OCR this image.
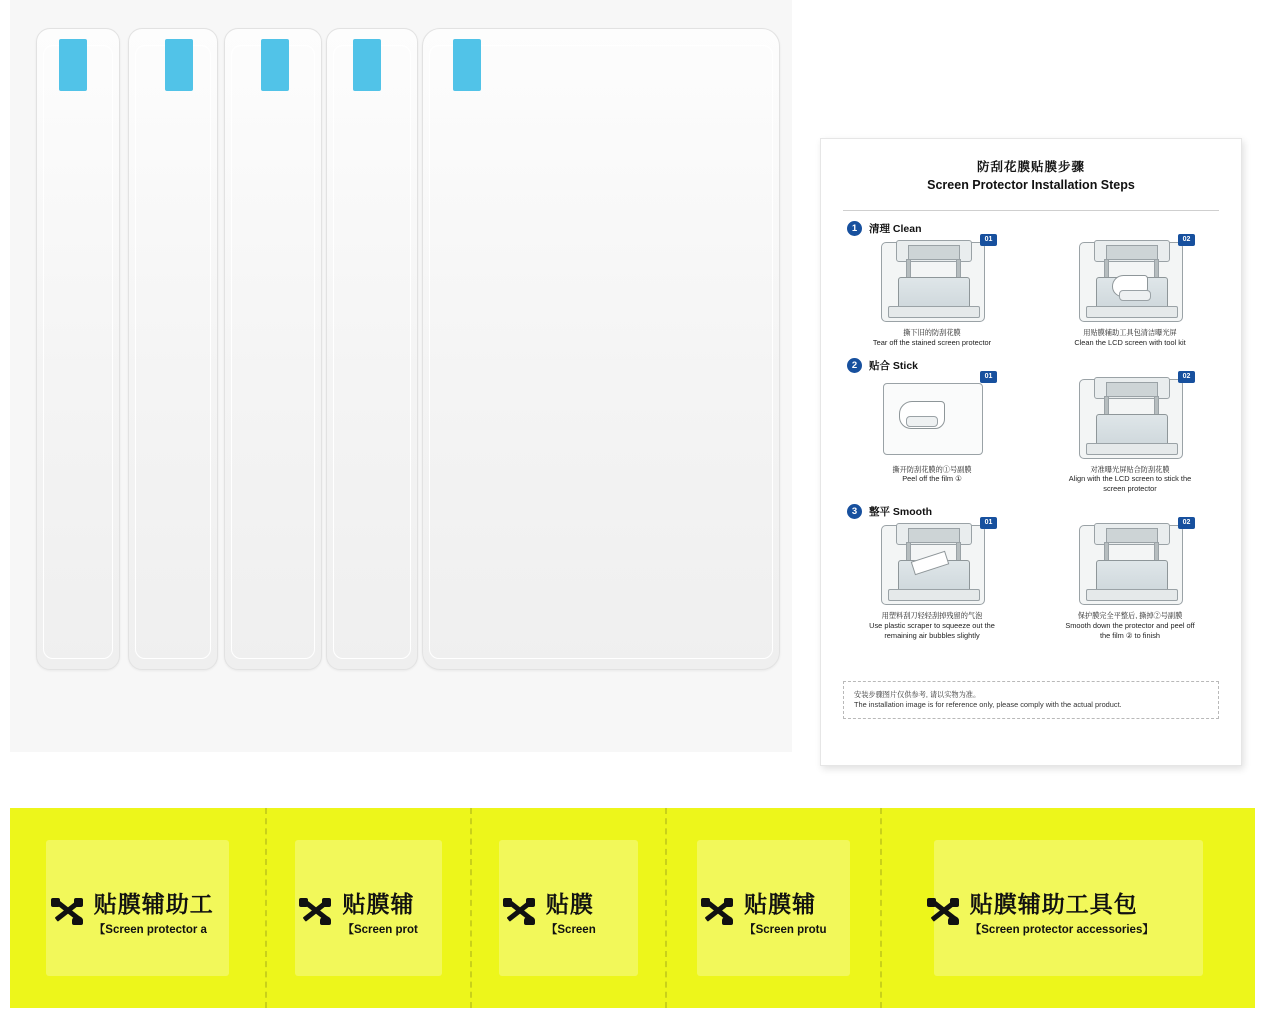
防刮花膜贴膜步骤
Screen Protector Installation Steps
1	清理 Clean
01
撕下旧的防刮花膜
Tear off the stained screen protector
02
用贴膜辅助工具包清洁曝光屏
Clean the LCD screen with tool kit
2	贴合 Stick
01
撕开防刮花膜的①号副膜
Peel off the film ①
02
对准曝光屏贴合防刮花膜
Align with the LCD screen to stick the screen protector
3	整平 Smooth
01
用塑料刮刀轻轻刮掉残留的气泡
Use plastic scraper to squeeze out the remaining air bubbles slightly
02
保护膜完全平整后, 撕掉②号副膜
Smooth down the protector and peel off the film ② to finish
安装步骤图片仅供参考, 请以实物为准。
The installation image is for reference only, please comply with the actual product.
贴膜辅助工
【Screen protector a
贴膜辅
【Screen prot
贴膜
【Screen
贴膜辅
【Screen protu
贴膜辅助工具包
【Screen protector accessories】
